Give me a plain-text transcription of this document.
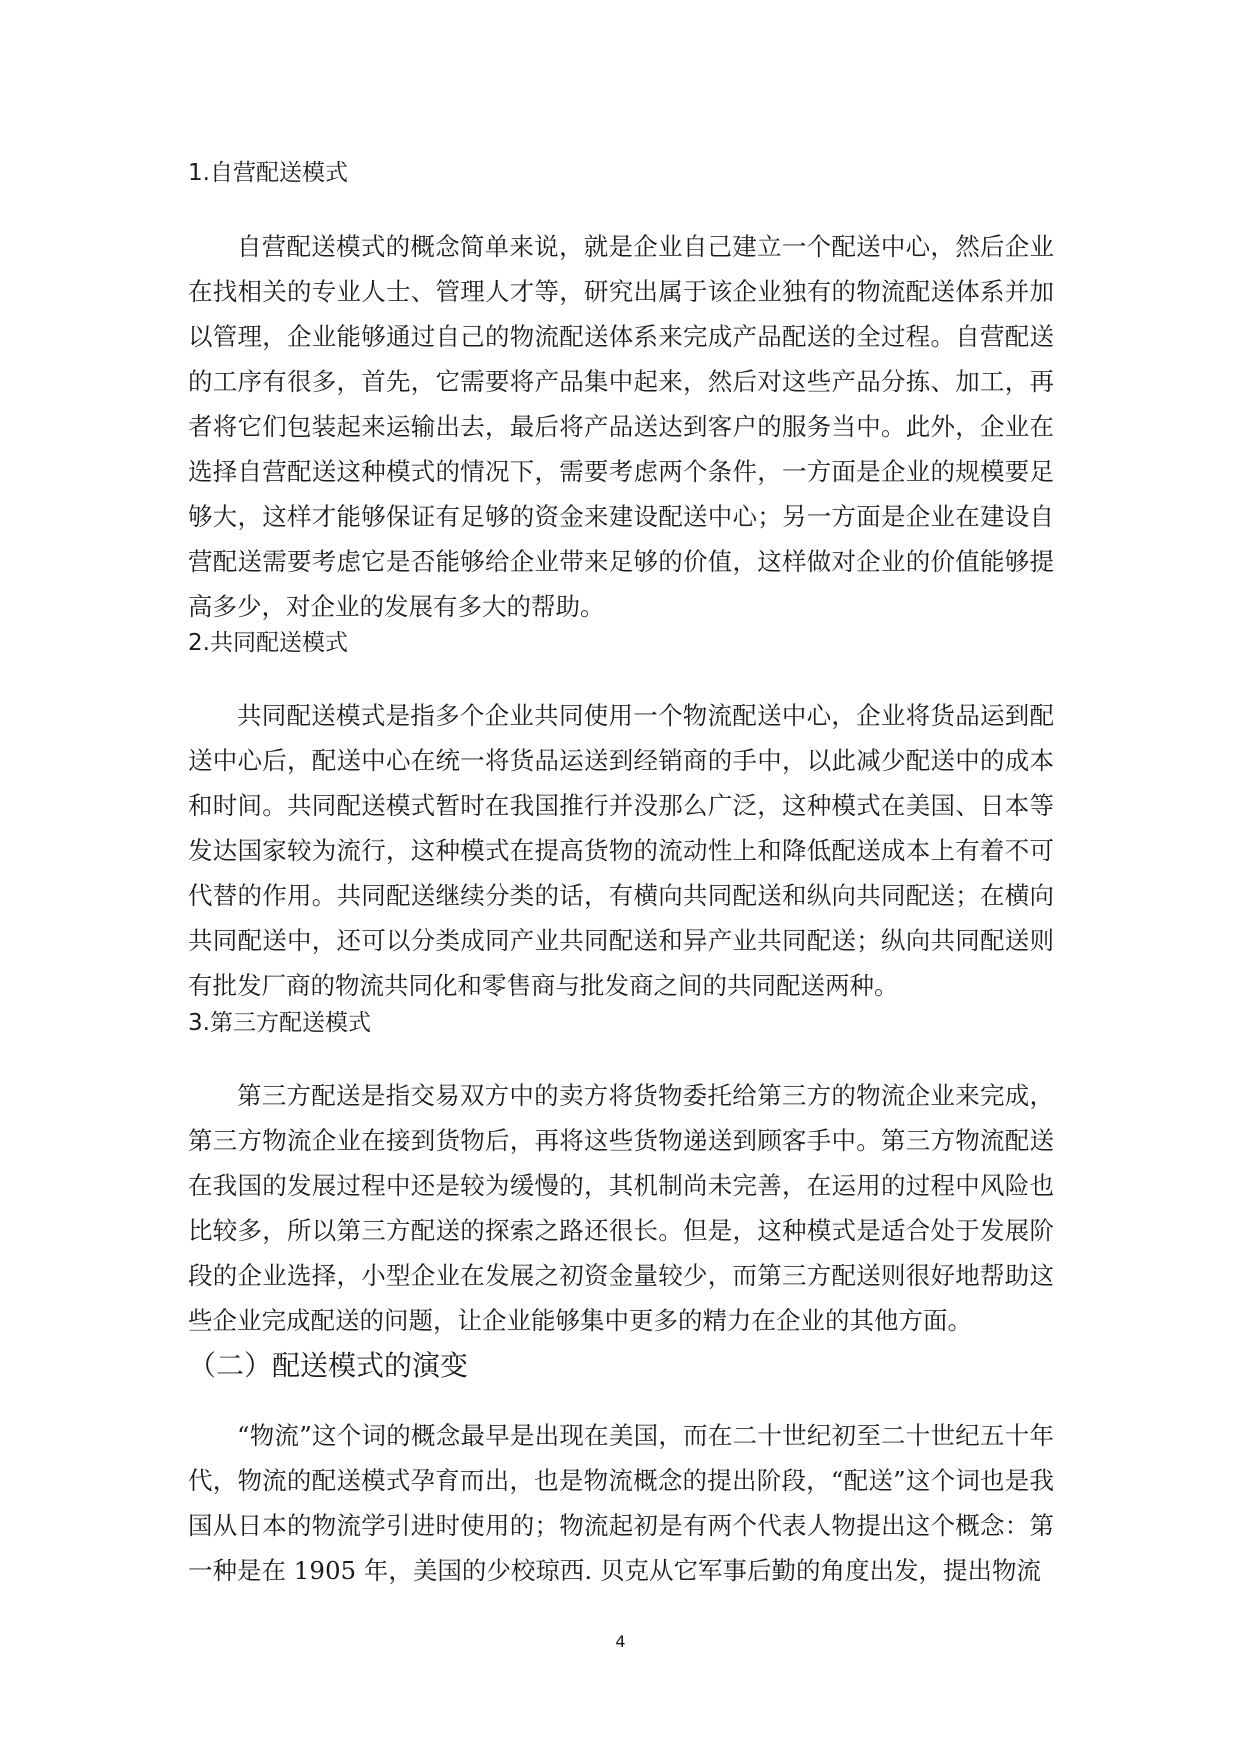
1.自营配送模式

自营配送模式的概念简单来说，就是企业自己建立一个配送中心，然后企业在找相关的专业人士、管理人才等，研究出属于该企业独有的物流配送体系并加以管理，企业能够通过自己的物流配送体系来完成产品配送的全过程。自营配送的工序有很多，首先，它需要将产品集中起来，然后对这些产品分拣、加工，再者将它们包装起来运输出去，最后将产品送达到客户的服务当中。此外，企业在选择自营配送这种模式的情况下，需要考虑两个条件，一方面是企业的规模要足够大，这样才能够保证有足够的资金来建设配送中心；另一方面是企业在建设自营配送需要考虑它是否能够给企业带来足够的价值，这样做对企业的价值能够提高多少，对企业的发展有多大的帮助。

2.共同配送模式

共同配送模式是指多个企业共同使用一个物流配送中心，企业将货品运到配送中心后，配送中心在统一将货品运送到经销商的手中，以此减少配送中的成本和时间。共同配送模式暂时在我国推行并没那么广泛，这种模式在美国、日本等发达国家较为流行，这种模式在提高货物的流动性上和降低配送成本上有着不可代替的作用。共同配送继续分类的话，有横向共同配送和纵向共同配送；在横向共同配送中，还可以分类成同产业共同配送和异产业共同配送；纵向共同配送则有批发厂商的物流共同化和零售商与批发商之间的共同配送两种。

3.第三方配送模式

第三方配送是指交易双方中的卖方将货物委托给第三方的物流企业来完成，第三方物流企业在接到货物后，再将这些货物递送到顾客手中。第三方物流配送在我国的发展过程中还是较为缓慢的，其机制尚未完善，在运用的过程中风险也比较多，所以第三方配送的探索之路还很长。但是，这种模式是适合处于发展阶段的企业选择，小型企业在发展之初资金量较少，而第三方配送则很好地帮助这些企业完成配送的问题，让企业能够集中更多的精力在企业的其他方面。

（二）配送模式的演变

“物流”这个词的概念最早是出现在美国，而在二十世纪初至二十世纪五十年代，物流的配送模式孕育而出，也是物流概念的提出阶段，“配送”这个词也是我国从日本的物流学引进时使用的；物流起初是有两个代表人物提出这个概念：第一种是在 1905 年，美国的少校琼西. 贝克从它军事后勤的角度出发，提出物流

4
